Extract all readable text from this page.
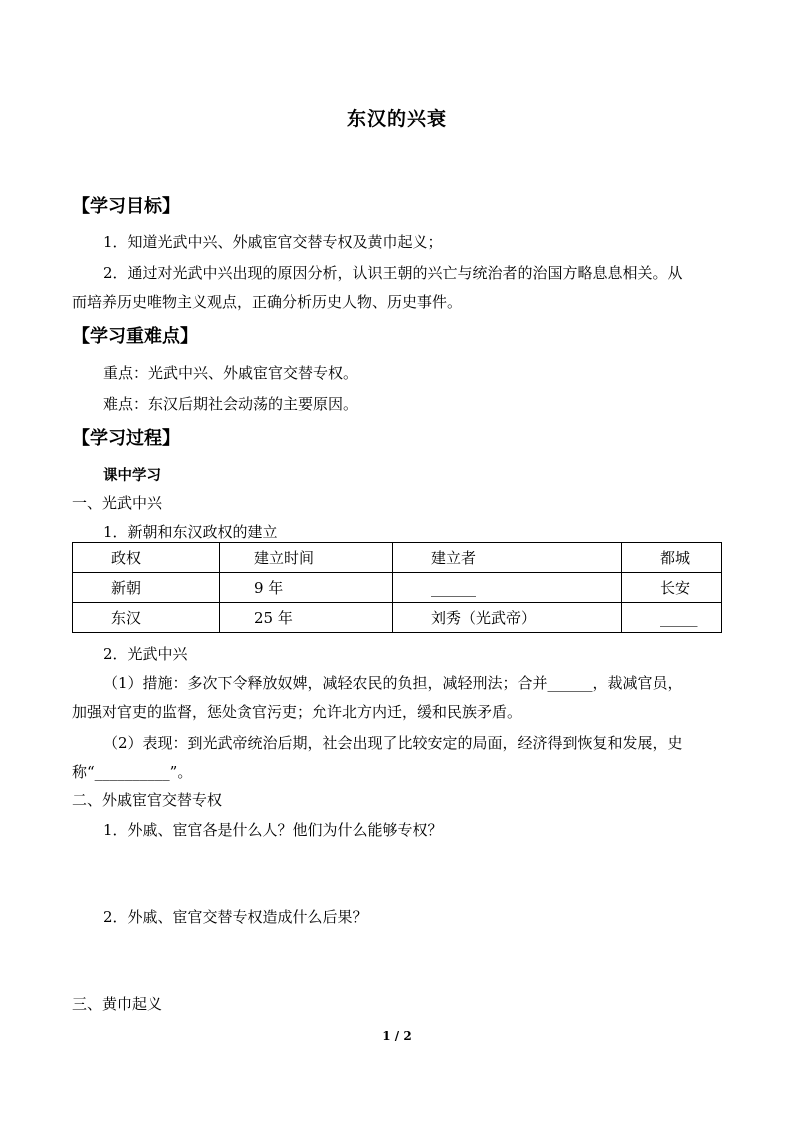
东汉的兴衰
【学习目标】
1．知道光武中兴、外戚宦官交替专权及黄巾起义；
2．通过对光武中兴出现的原因分析，认识王朝的兴亡与统治者的治国方略息息相关。从
而培养历史唯物主义观点，正确分析历史人物、历史事件。
【学习重难点】
重点：光武中兴、外戚宦官交替专权。
难点：东汉后期社会动荡的主要原因。
【学习过程】
课中学习
一、光武中兴
1．新朝和东汉政权的建立
政权	建立时间	建立者	都城
新朝	9 年	______	长安
东汉	25 年	刘秀（光武帝）	_____
2．光武中兴
（1）措施：多次下令释放奴婢，减轻农民的负担，减轻刑法；合并______，裁减官员，
加强对官吏的监督，惩处贪官污吏；允许北方内迁，缓和民族矛盾。
（2）表现：到光武帝统治后期，社会出现了比较安定的局面，经济得到恢复和发展，史
称“__________”。
二、外戚宦官交替专权
1．外戚、宦官各是什么人？他们为什么能够专权？
2．外戚、宦官交替专权造成什么后果？
三、黄巾起义
1 / 2
